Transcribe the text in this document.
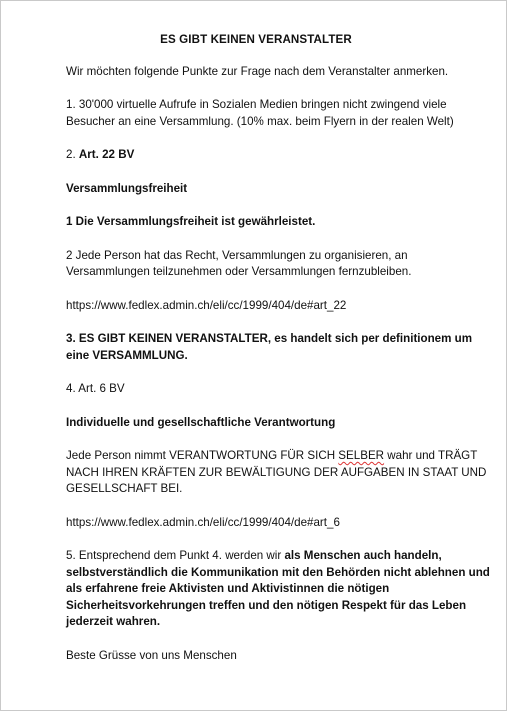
ES GIBT KEINEN VERANSTALTER

Wir möchten folgende Punkte zur Frage nach dem Veranstalter anmerken.

1. 30'000 virtuelle Aufrufe in Sozialen Medien bringen nicht zwingend viele Besucher an eine Versammlung. (10% max. beim Flyern in der realen Welt)

2. Art. 22 BV

Versammlungsfreiheit

1 Die Versammlungsfreiheit ist gewährleistet.

2 Jede Person hat das Recht, Versammlungen zu organisieren, an Versammlungen teilzunehmen oder Versammlungen fernzubleiben.

https://www.fedlex.admin.ch/eli/cc/1999/404/de#art_22

3. ES GIBT KEINEN VERANSTALTER, es handelt sich per definitionem um eine VERSAMMLUNG.

4. Art. 6 BV

Individuelle und gesellschaftliche Verantwortung

Jede Person nimmt VERANTWORTUNG FÜR SICH SELBER wahr und TRÄGT NACH IHREN KRÄFTEN ZUR BEWÄLTIGUNG DER AUFGABEN IN STAAT UND GESELLSCHAFT BEI.

https://www.fedlex.admin.ch/eli/cc/1999/404/de#art_6

5. Entsprechend dem Punkt 4. werden wir als Menschen auch handeln, selbstverständlich die Kommunikation mit den Behörden nicht ablehnen und als erfahrene freie Aktivisten und Aktivistinnen die nötigen Sicherheitsvorkehrungen treffen und den nötigen Respekt für das Leben jederzeit wahren.

Beste Grüsse von uns Menschen
